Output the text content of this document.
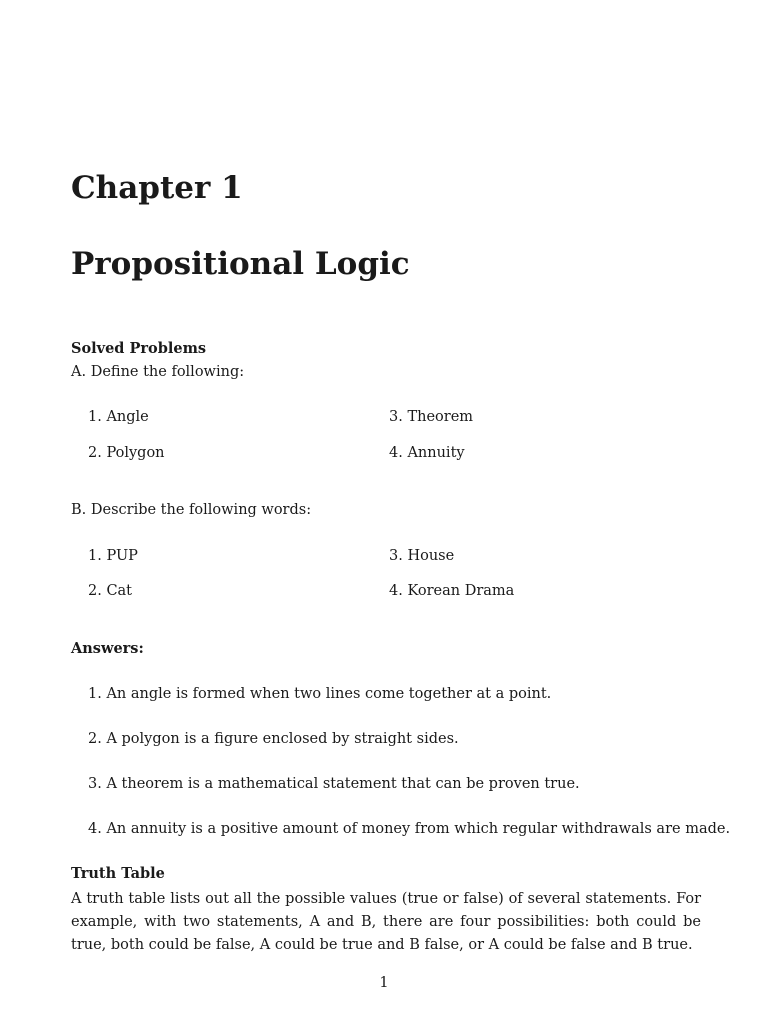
Chapter 1
Propositional Logic
Solved Problems
A. Define the following:
1. Angle
2. Polygon
3. Theorem
4. Annuity
B. Describe the following words:
1. PUP
2. Cat
3. House
4. Korean Drama
Answers:
1. An angle is formed when two lines come together at a point.
2. A polygon is a figure enclosed by straight sides.
3. A theorem is a mathematical statement that can be proven true.
4. An annuity is a positive amount of money from which regular withdrawals are made.
Truth Table

A truth table lists out all the possible values (true or false) of several statements. For example, with two statements, A and B, there are four possibilities: both could be true, both could be false, A could be true and B false, or A could be false and B true.

1
